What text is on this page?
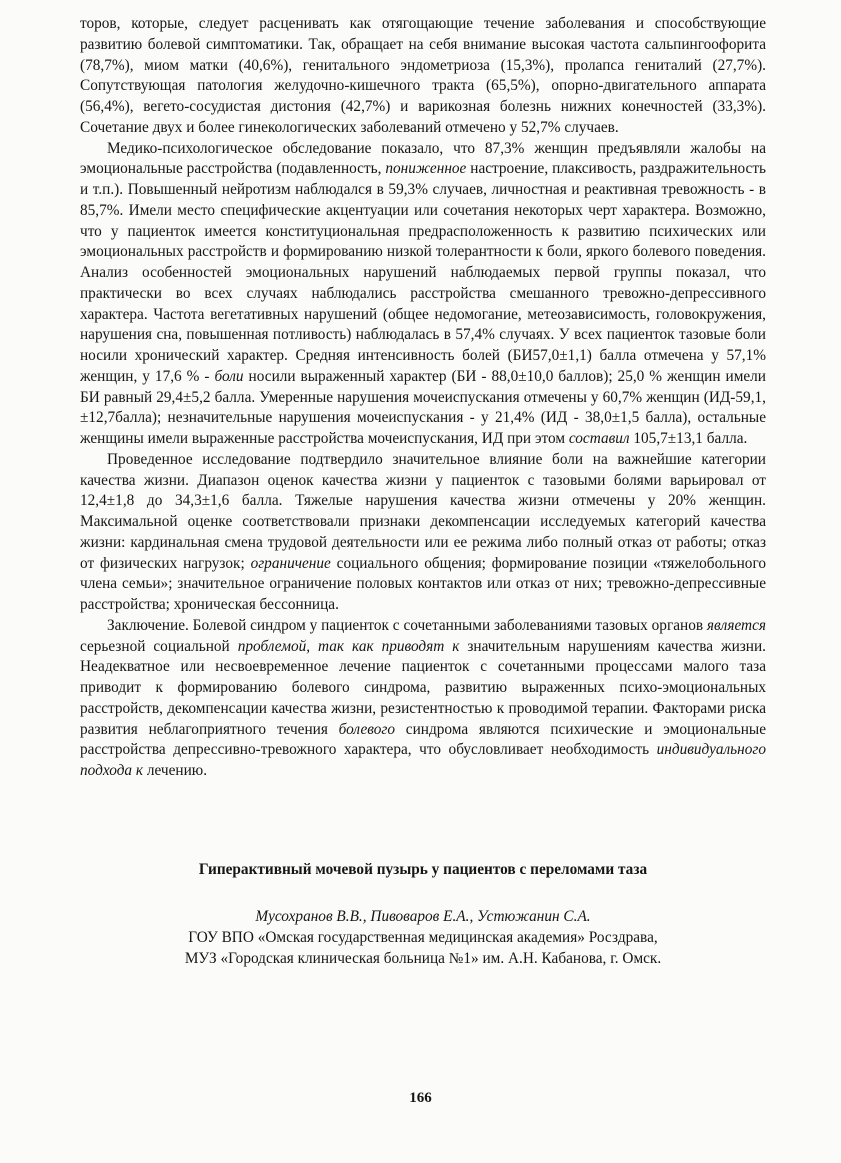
торов, которые, следует расценивать как отягощающие течение заболевания и способствующие развитию болевой симптоматики. Так, обращает на себя внимание высокая частота сальпингоофорита (78,7%), миом матки (40,6%), генитального эндометриоза (15,3%), пролапса гениталий (27,7%). Сопутствующая патология желудочно-кишечного тракта (65,5%), опорно-двигательного аппарата (56,4%), вегето-сосудистая дистония (42,7%) и варикозная болезнь нижних конечностей (33,3%). Сочетание двух и более гинекологических заболеваний отмечено у 52,7% случаев.

Медико-психологическое обследование показало, что 87,3% женщин предъявляли жалобы на эмоциональные расстройства (подавленность, пониженное настроение, плаксивость, раздражительность и т.п.). Повышенный нейротизм наблюдался в 59,3% случаев, личностная и реактивная тревожность - в 85,7%. Имели место специфические акцентуации или сочетания некоторых черт характера. Возможно, что у пациенток имеется конституциональная предрасположенность к развитию психических или эмоциональных расстройств и формированию низкой толерантности к боли, яркого болевого поведения. Анализ особенностей эмоциональных нарушений наблюдаемых первой группы показал, что практически во всех случаях наблюдались расстройства смешанного тревожно-депрессивного характера. Частота вегетативных нарушений (общее недомогание, метеозависимость, головокружения, нарушения сна, повышенная потливость) наблюдалась в 57,4% случаях. У всех пациенток тазовые боли носили хронический характер. Средняя интенсивность болей (БИ57,0±1,1) балла отмечена у 57,1% женщин, у 17,6 % - боли носили выраженный характер (БИ - 88,0±10,0 баллов); 25,0 % женщин имели БИ равный 29,4±5,2 балла. Умеренные нарушения мочеиспускания отмечены у 60,7% женщин (ИД-59,1,±12,7балла); незначительные нарушения мочеиспускания - у 21,4% (ИД - 38,0±1,5 балла), остальные женщины имели выраженные расстройства мочеиспускания, ИД при этом составил 105,7±13,1 балла.

Проведенное исследование подтвердило значительное влияние боли на важнейшие категории качества жизни. Диапазон оценок качества жизни у пациенток с тазовыми болями варьировал от 12,4±1,8 до 34,3±1,6 балла. Тяжелые нарушения качества жизни отмечены у 20% женщин. Максимальной оценке соответствовали признаки декомпенсации исследуемых категорий качества жизни: кардинальная смена трудовой деятельности или ее режима либо полный отказ от работы; отказ от физических нагрузок; ограничение социального общения; формирование позиции «тяжелобольного члена семьи»; значительное ограничение половых контактов или отказ от них; тревожно-депрессивные расстройства; хроническая бессонница.

Заключение. Болевой синдром у пациенток с сочетанными заболеваниями тазовых органов является серьезной социальной проблемой, так как приводят к значительным нарушениям качества жизни. Неадекватное или несвоевременное лечение пациенток с сочетанными процессами малого таза приводит к формированию болевого синдрома, развитию выраженных психо-эмоциональных расстройств, декомпенсации качества жизни, резистентностью к проводимой терапии. Факторами риска развития неблагоприятного течения болевого синдрома являются психические и эмоциональные расстройства депрессивно-тревожного характера, что обусловливает необходимость индивидуального подхода к лечению.

Гиперактивный мочевой пузырь у пациентов с переломами таза
Мусохранов В.В., Пивоваров Е.А., Устюжанин С.А.
ГОУ ВПО «Омская государственная медицинская академия» Росздрава,
МУЗ «Городская клиническая больница №1» им. А.Н. Кабанова, г. Омск.
166
